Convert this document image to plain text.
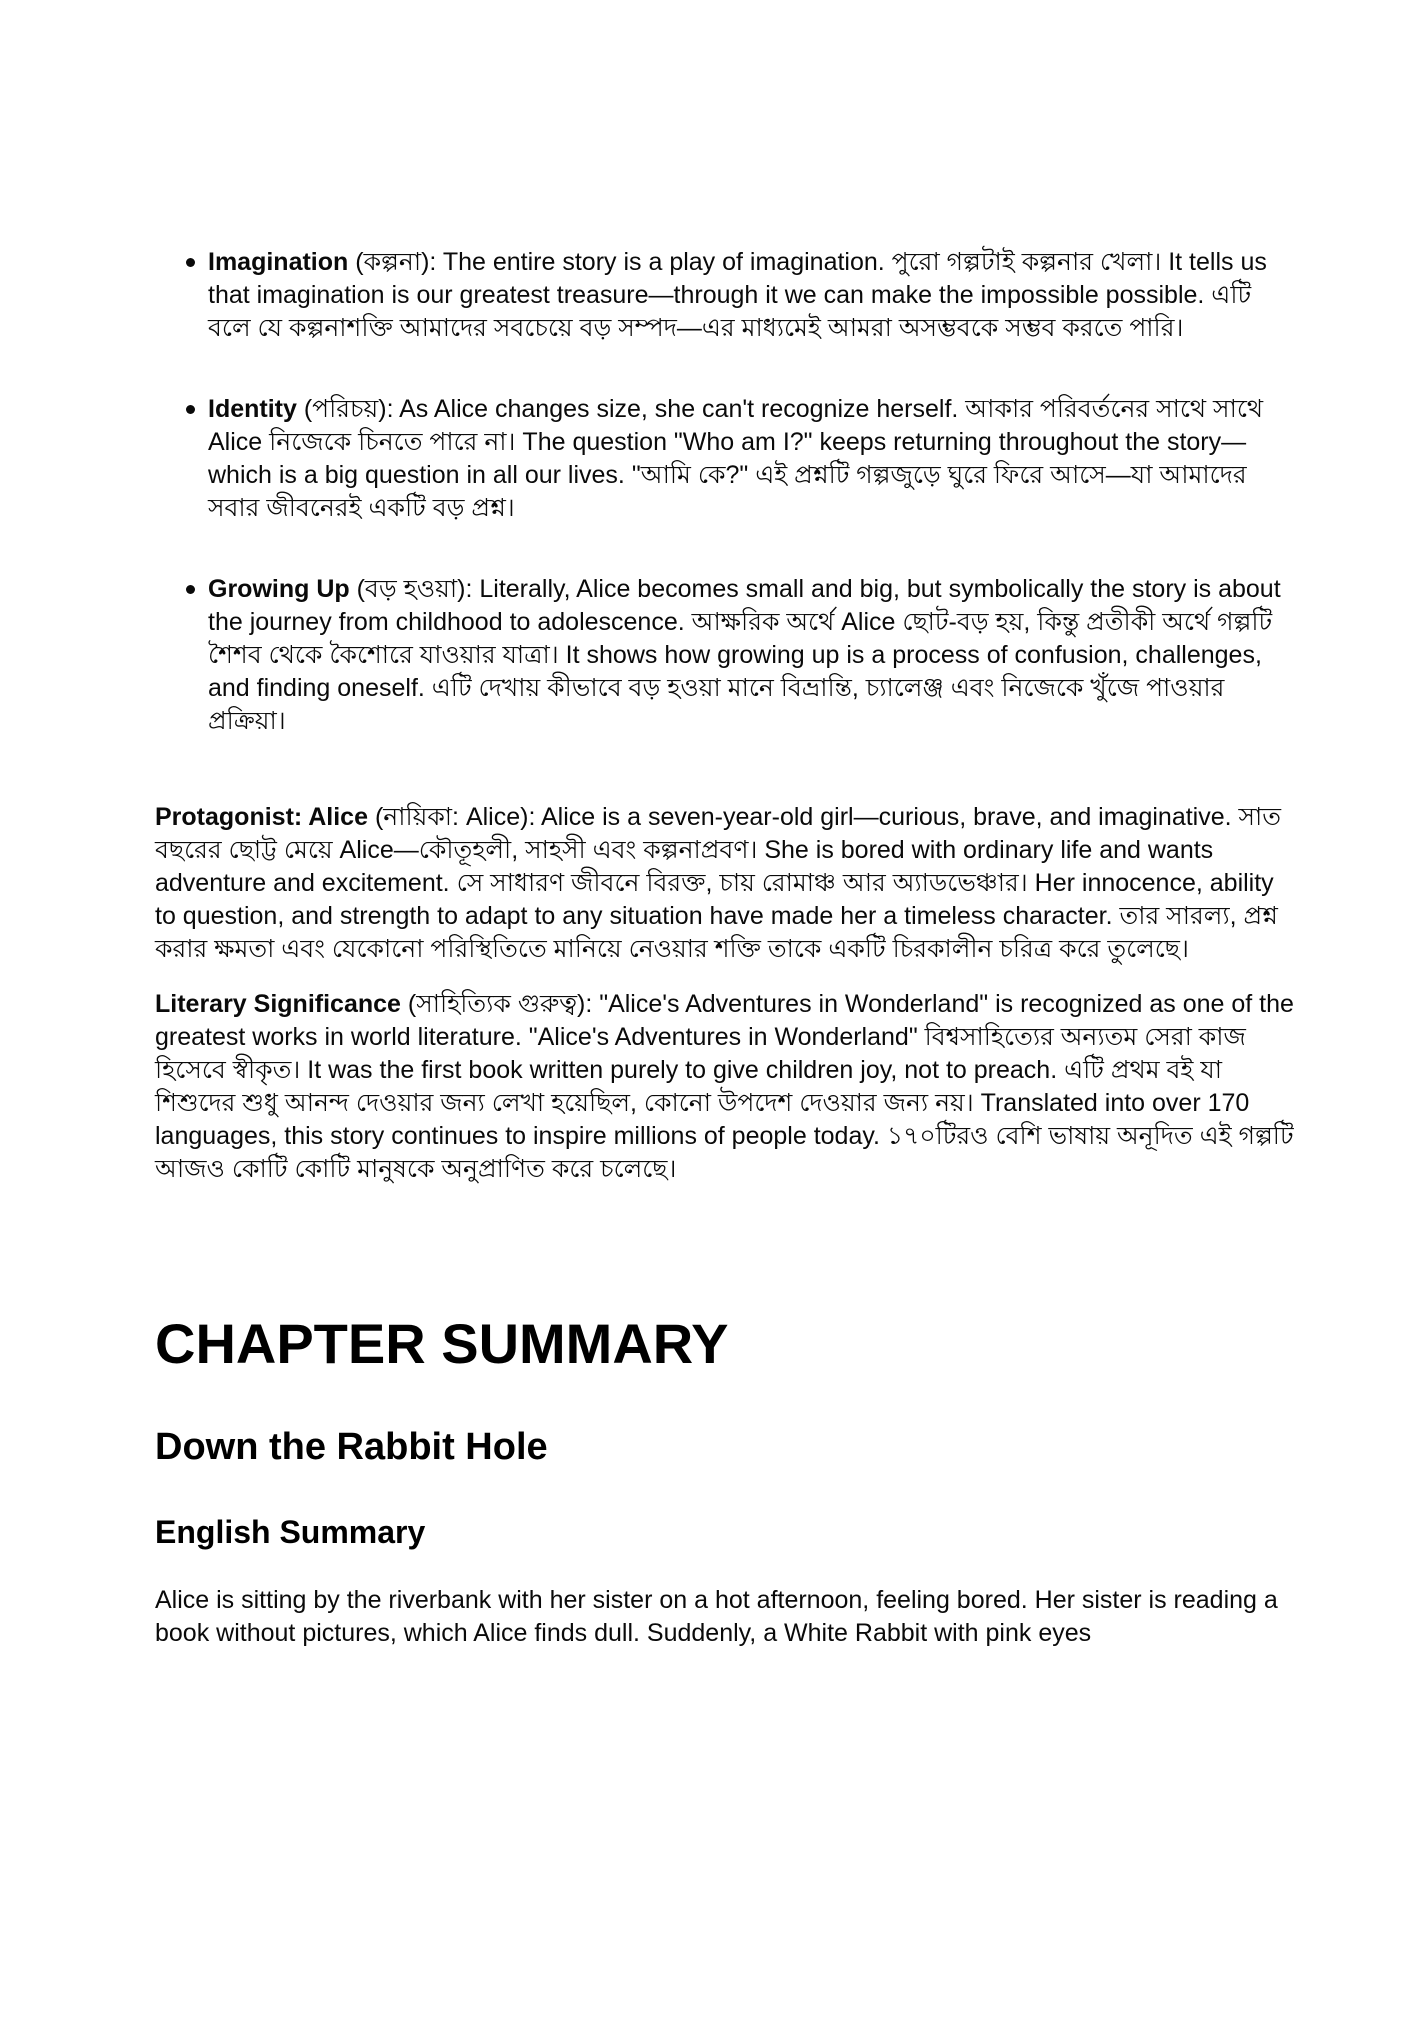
Imagination (কল্পনা): The entire story is a play of imagination. পুরো গল্পটাই কল্পনার খেলা। It tells us that imagination is our greatest treasure—through it we can make the impossible possible. এটি বলে যে কল্পনাশক্তি আমাদের সবচেয়ে বড় সম্পদ—এর মাধ্যমেই আমরা অসম্ভবকে সম্ভব করতে পারি।
Identity (পরিচয়): As Alice changes size, she can't recognize herself. আকার পরিবর্তনের সাথে সাথে Alice নিজেকে চিনতে পারে না। The question "Who am I?" keeps returning throughout the story—which is a big question in all our lives. "আমি কে?" এই প্রশ্নটি গল্পজুড়ে ঘুরে ফিরে আসে—যা আমাদের সবার জীবনেরই একটি বড় প্রশ্ন।
Growing Up (বড় হওয়া): Literally, Alice becomes small and big, but symbolically the story is about the journey from childhood to adolescence. আক্ষরিক অর্থে Alice ছোট-বড় হয়, কিন্তু প্রতীকী অর্থে গল্পটি শৈশব থেকে কৈশোরে যাওয়ার যাত্রা। It shows how growing up is a process of confusion, challenges, and finding oneself. এটি দেখায় কীভাবে বড় হওয়া মানে বিভ্রান্তি, চ্যালেঞ্জ এবং নিজেকে খুঁজে পাওয়ার প্রক্রিয়া।

Protagonist: Alice (নায়িকা: Alice): Alice is a seven-year-old girl—curious, brave, and imaginative. সাত বছরের ছোট্ট মেয়ে Alice—কৌতূহলী, সাহসী এবং কল্পনাপ্রবণ। She is bored with ordinary life and wants adventure and excitement. সে সাধারণ জীবনে বিরক্ত, চায় রোমাঞ্চ আর অ্যাডভেঞ্চার। Her innocence, ability to question, and strength to adapt to any situation have made her a timeless character. তার সারল্য, প্রশ্ন করার ক্ষমতা এবং যেকোনো পরিস্থিতিতে মানিয়ে নেওয়ার শক্তি তাকে একটি চিরকালীন চরিত্র করে তুলেছে।

Literary Significance (সাহিত্যিক গুরুত্ব): "Alice's Adventures in Wonderland" is recognized as one of the greatest works in world literature. "Alice's Adventures in Wonderland" বিশ্বসাহিত্যের অন্যতম সেরা কাজ হিসেবে স্বীকৃত। It was the first book written purely to give children joy, not to preach. এটি প্রথম বই যা শিশুদের শুধু আনন্দ দেওয়ার জন্য লেখা হয়েছিল, কোনো উপদেশ দেওয়ার জন্য নয়। Translated into over 170 languages, this story continues to inspire millions of people today. ১৭০টিরও বেশি ভাষায় অনূদিত এই গল্পটি আজও কোটি কোটি মানুষকে অনুপ্রাণিত করে চলেছে।

CHAPTER SUMMARY
Down the Rabbit Hole
English Summary

Alice is sitting by the riverbank with her sister on a hot afternoon, feeling bored. Her sister is reading a book without pictures, which Alice finds dull. Suddenly, a White Rabbit with pink eyes
